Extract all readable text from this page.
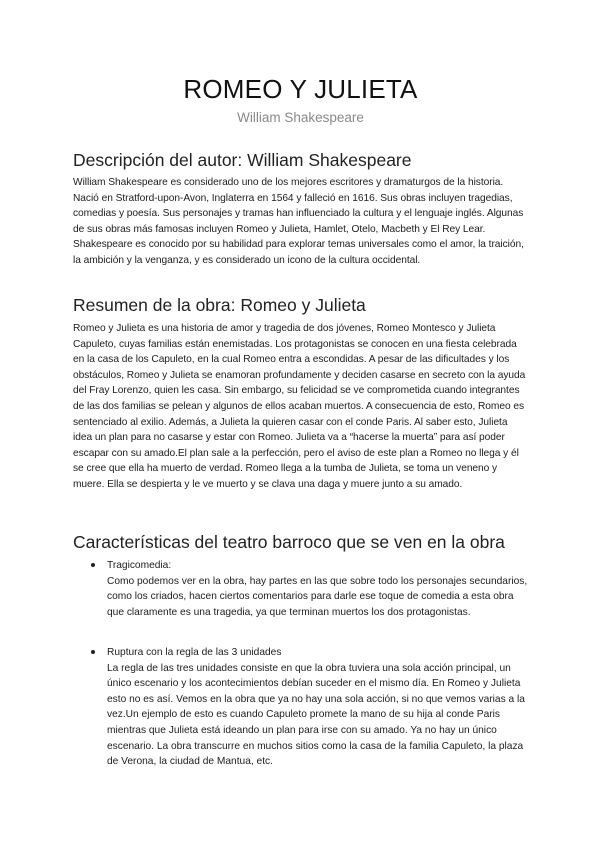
ROMEO Y JULIETA

William Shakespeare

Descripción del autor: William Shakespeare

William Shakespeare es considerado uno de los mejores escritores y dramaturgos de la historia. Nació en Stratford-upon-Avon, Inglaterra en 1564 y falleció en 1616. Sus obras incluyen tragedias, comedias y poesía. Sus personajes y tramas han influenciado la cultura y el lenguaje inglés. Algunas de sus obras más famosas incluyen Romeo y Julieta, Hamlet, Otelo, Macbeth y El Rey Lear. Shakespeare es conocido por su habilidad para explorar temas universales como el amor, la traición, la ambición y la venganza, y es considerado un icono de la cultura occidental.

Resumen de la obra: Romeo y Julieta

Romeo y Julieta es una historia de amor y tragedia de dos jóvenes, Romeo Montesco y Julieta Capuleto, cuyas familias están enemistadas. Los protagonistas se conocen en una fiesta celebrada en la casa de los Capuleto, en la cual Romeo entra a escondidas. A pesar de las dificultades y los obstáculos, Romeo y Julieta se enamoran profundamente y deciden casarse en secreto con la ayuda del Fray Lorenzo, quien les casa. Sin embargo, su felicidad se ve comprometida cuando integrantes de las dos familias se pelean y algunos de ellos acaban muertos. A consecuencia de esto, Romeo es sentenciado al exilio. Además, a Julieta la quieren casar con el conde Paris. Al saber esto, Julieta idea un plan para no casarse y estar con Romeo. Julieta va a “hacerse la muerta” para así poder escapar con su amado.El plan sale a la perfección, pero el aviso de este plan a Romeo no llega y él se cree que ella ha muerto de verdad. Romeo llega a la tumba de Julieta, se toma un veneno y muere. Ella se despierta y le ve muerto y se clava una daga y muere junto a su amado.

Características del teatro barroco que se ven en la obra
Tragicomedia:

Como podemos ver en la obra, hay partes en las que sobre todo los personajes secundarios, como los criados, hacen ciertos comentarios para darle ese toque de comedia a esta obra que claramente es una tragedia, ya que terminan muertos los dos protagonistas.

Ruptura con la regla de las 3 unidades

La regla de las tres unidades consiste en que la obra tuviera una sola acción principal, un único escenario y los acontecimientos debían suceder en el mismo día. En Romeo y Julieta esto no es así. Vemos en la obra que ya no hay una sola acción, si no que vemos varias a la vez.Un ejemplo de esto es cuando Capuleto promete la mano de su hija al conde Paris mientras que Julieta está ideando un plan para irse con su amado. Ya no hay un único escenario. La obra transcurre en muchos sitios como la casa de la familia Capuleto, la plaza de Verona, la ciudad de Mantua, etc.
